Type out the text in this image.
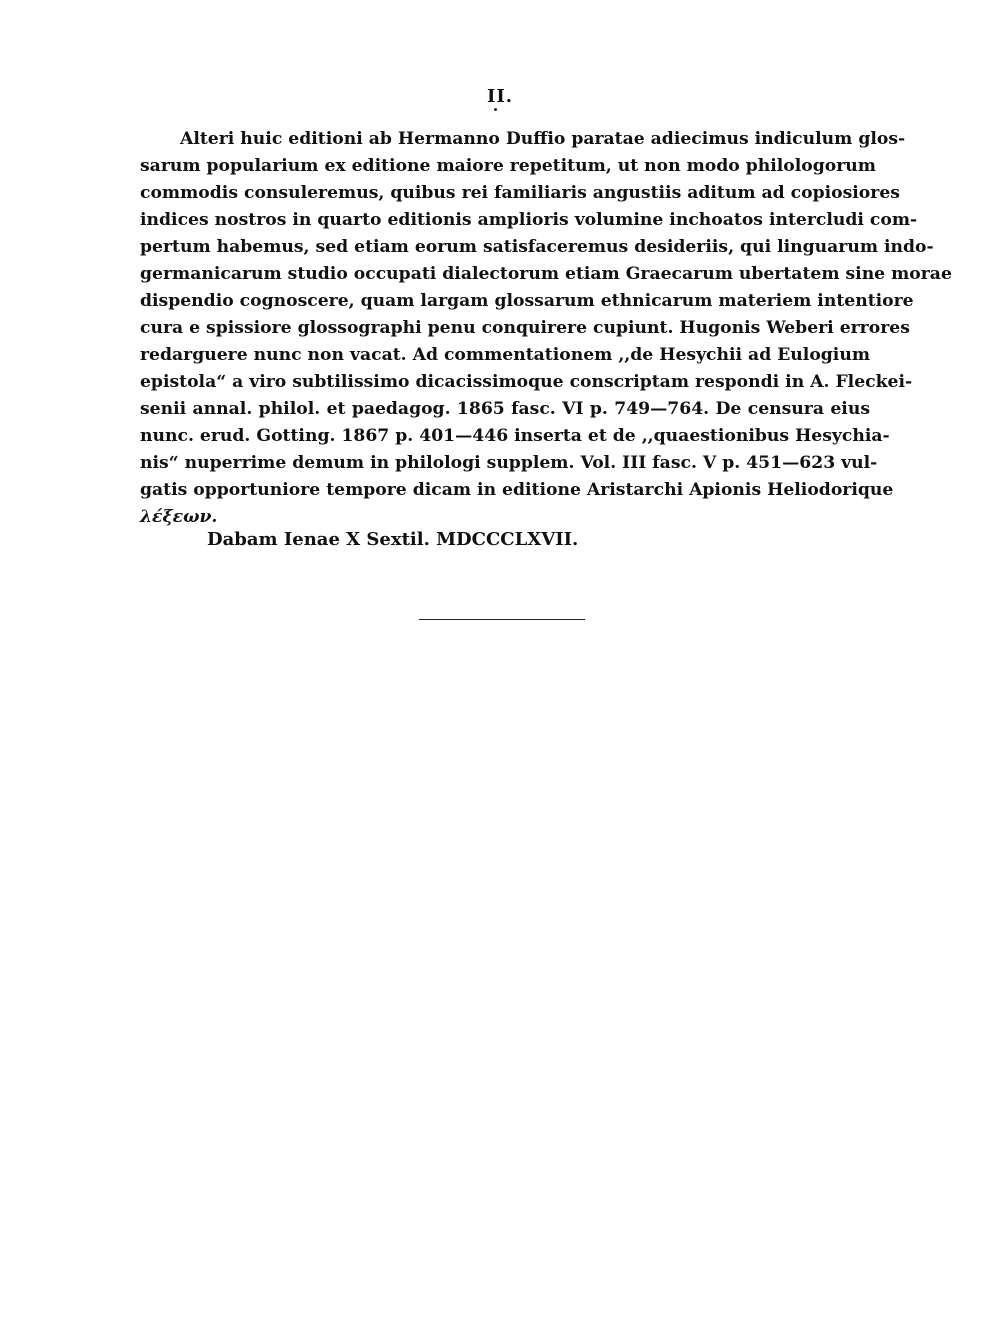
II.
Alteri huic editioni ab Hermanno Duffio paratae adiecimus indiculum glos-
sarum popularium ex editione maiore repetitum, ut non modo philologorum
commodis consuleremus, quibus rei familiaris angustiis aditum ad copiosiores
indices nostros in quarto editionis amplioris volumine inchoatos intercludi com-
pertum habemus, sed etiam eorum satisfaceremus desideriis, qui linguarum indo-
germanicarum studio occupati dialectorum etiam Graecarum ubertatem sine morae
dispendio cognoscere, quam largam glossarum ethnicarum materiem intentiore
cura e spissiore glossographi penu conquirere cupiunt. Hugonis Weberi errores
redarguere nunc non vacat. Ad commentationem ,,de Hesychii ad Eulogium
epistola“ a viro subtilissimo dicacissimoque conscriptam respondi in A. Fleckei-
senii annal. philol. et paedagog. 1865 fasc. VI p. 749—764. De censura eius
nunc. erud. Gotting. 1867 p. 401—446 inserta et de ,,quaestionibus Hesychia-
nis“ nuperrime demum in philologi supplem. Vol. III fasc. V p. 451—623 vul-
gatis opportuniore tempore dicam in editione Aristarchi Apionis Heliodorique
λέξεων.
Dabam Ienae X Sextil. MDCCCLXVII.
